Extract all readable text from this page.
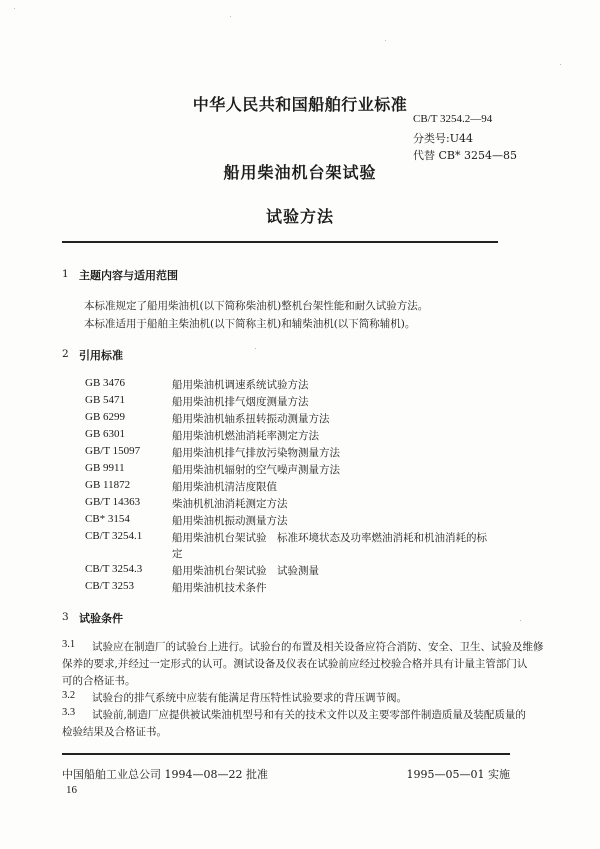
中华人民共和国船舶行业标准
CB/T 3254.2—94
分类号:U44
代替 CB* 3254—85
船用柴油机台架试验
试验方法
1 主题内容与适用范围
本标准规定了船用柴油机(以下简称柴油机)整机台架性能和耐久试验方法。
本标准适用于船舶主柴油机(以下简称主机)和辅柴油机(以下简称辅机)。
2 引用标准
GB 3476	船用柴油机调速系统试验方法
GB 5471	船用柴油机排气烟度测量方法
GB 6299	船用柴油机轴系扭转振动测量方法
GB 6301	船用柴油机燃油消耗率测定方法
GB/T 15097	船用柴油机排气排放污染物测量方法
GB 9911	船用柴油机辐射的空气噪声测量方法
GB 11872	船用柴油机清洁度限值
GB/T 14363	柴油机机油消耗测定方法
CB* 3154	船用柴油机振动测量方法
CB/T 3254.1	船用柴油机台架试验　标准环境状态及功率燃油消耗和机油消耗的标
定
CB/T 3254.3	船用柴油机台架试验　试验测量
CB/T 3253	船用柴油机技术条件
3 试验条件
3.1 试验应在制造厂的试验台上进行。试验台的布置及相关设备应符合消防、安全、卫生、试验及维修
保养的要求,并经过一定形式的认可。测试设备及仪表在试验前应经过校验合格并具有计量主管部门认
可的合格证书。
3.2 试验台的排气系统中应装有能满足背压特性试验要求的背压调节阀。
3.3 试验前,制造厂应提供被试柴油机型号和有关的技术文件以及主要零部件制造质量及装配质量的
检验结果及合格证书。
中国船舶工业总公司 1994—08—22 批准	1995—05—01 实施
16
